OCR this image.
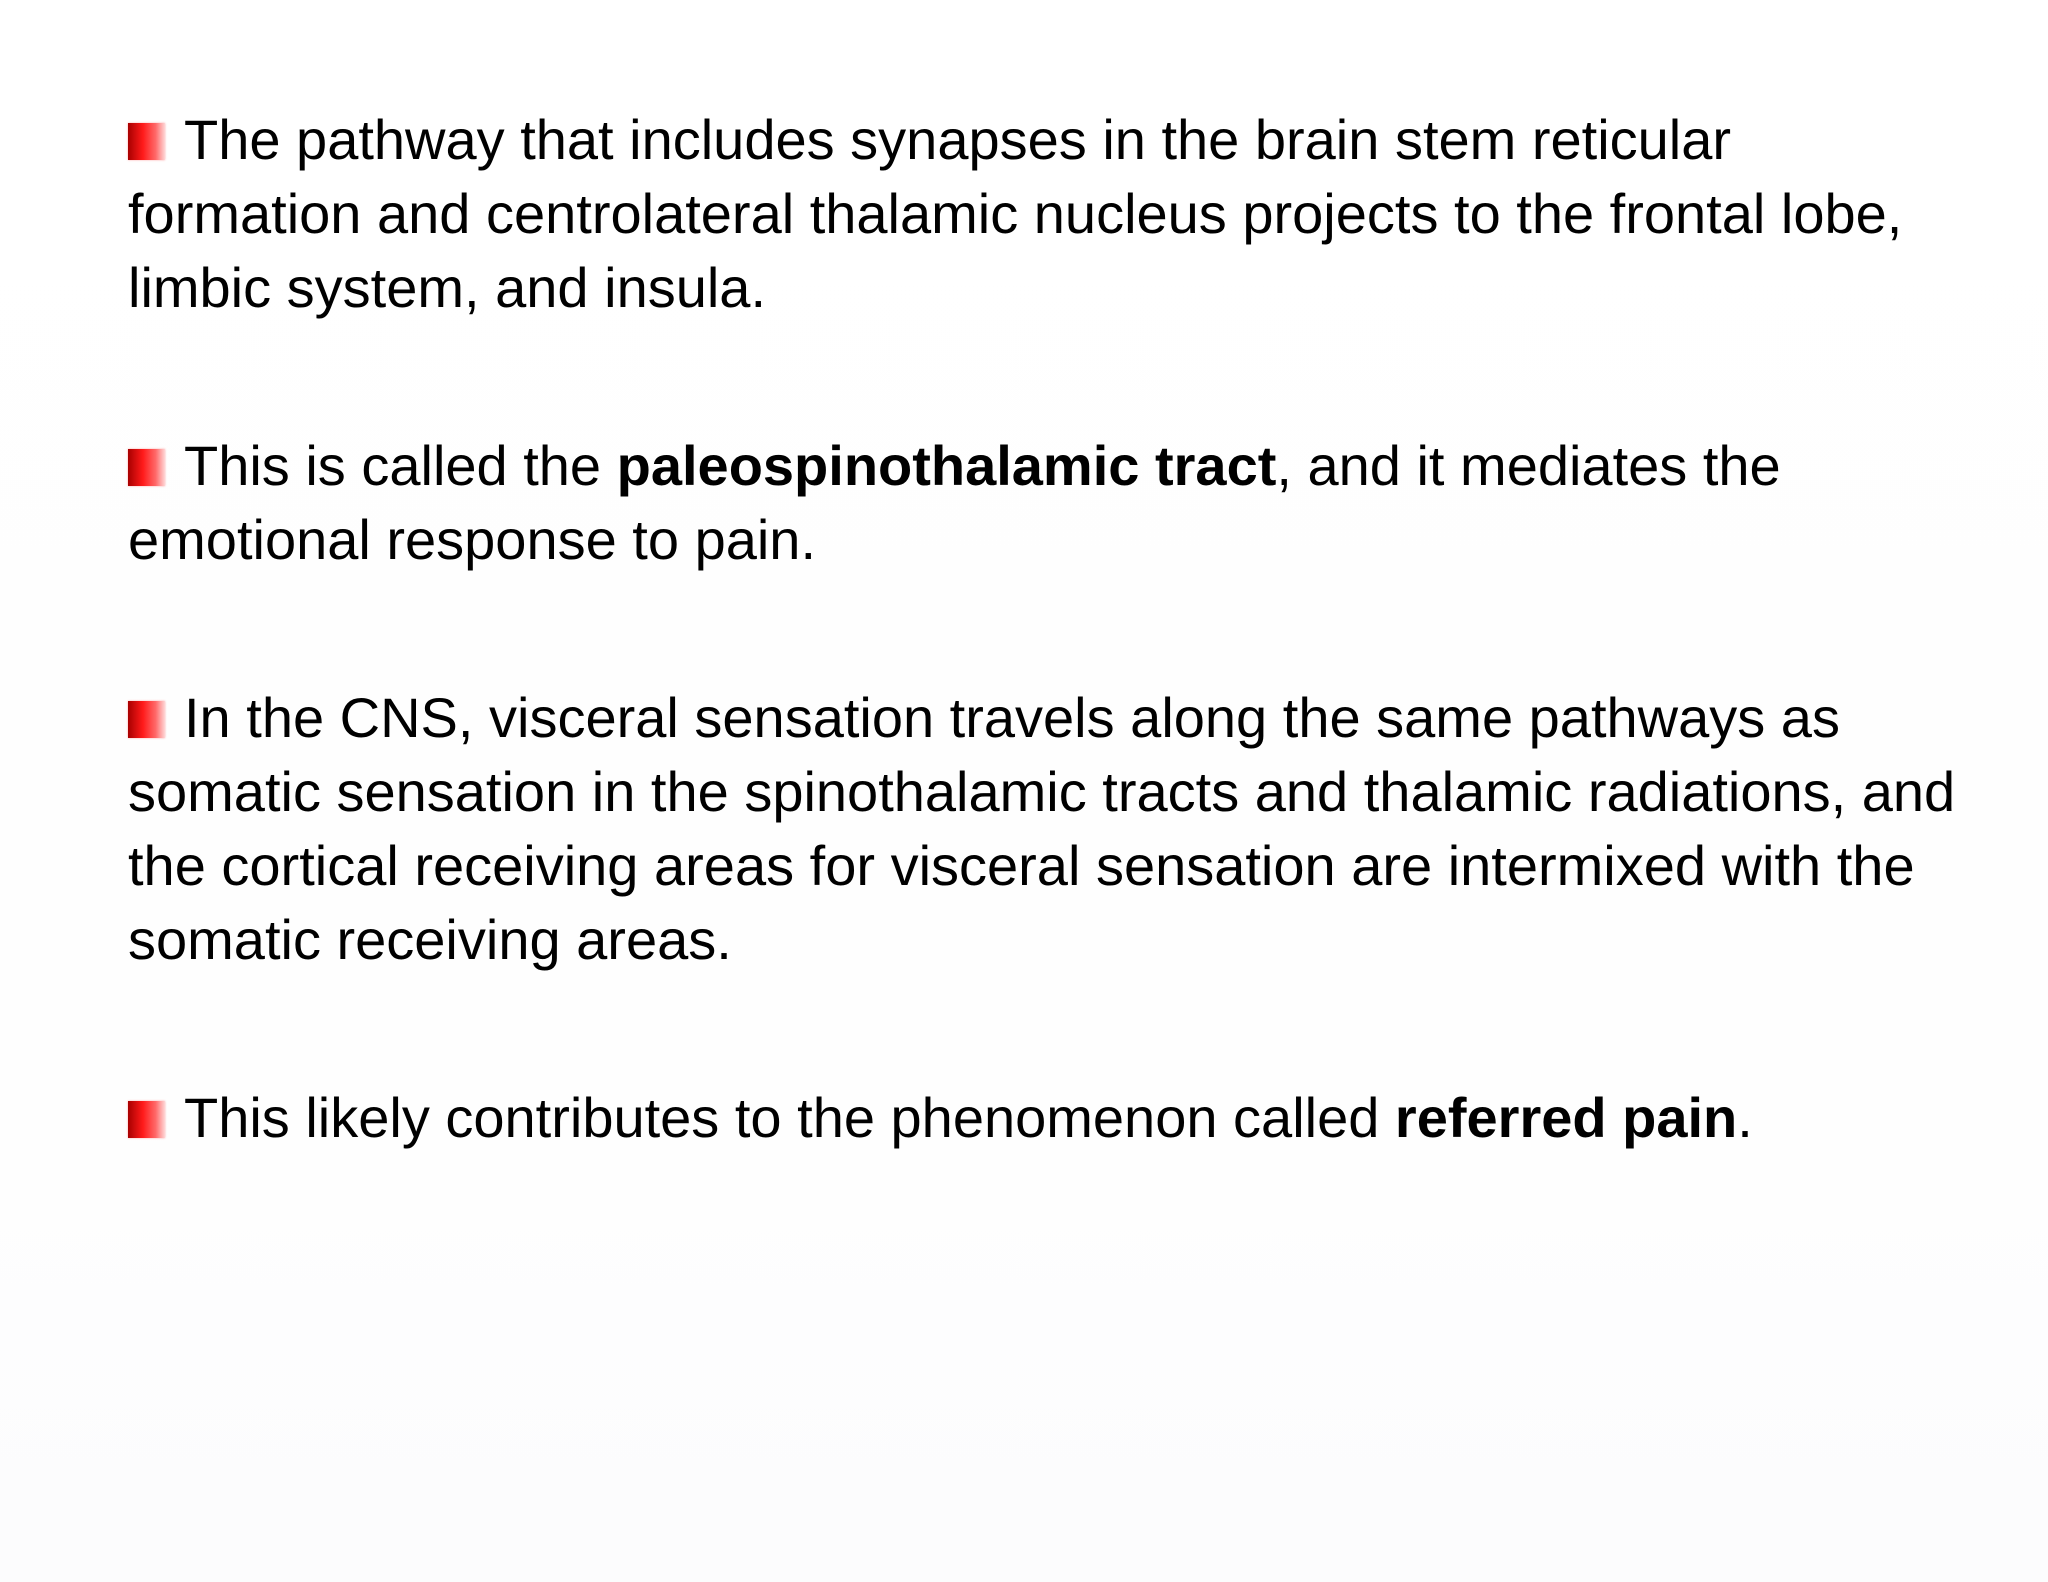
The pathway that includes synapses in the brain stem reticular formation and centrolateral thalamic nucleus projects to the frontal lobe, limbic system, and insula.

This is called the paleospinothalamic tract, and it mediates the emotional response to pain.

In the CNS, visceral sensation travels along the same pathways as somatic sensation in the spinothalamic tracts and thalamic radiations, and the cortical receiving areas for visceral sensation are intermixed with the somatic receiving areas.

This likely contributes to the phenomenon called referred pain.
